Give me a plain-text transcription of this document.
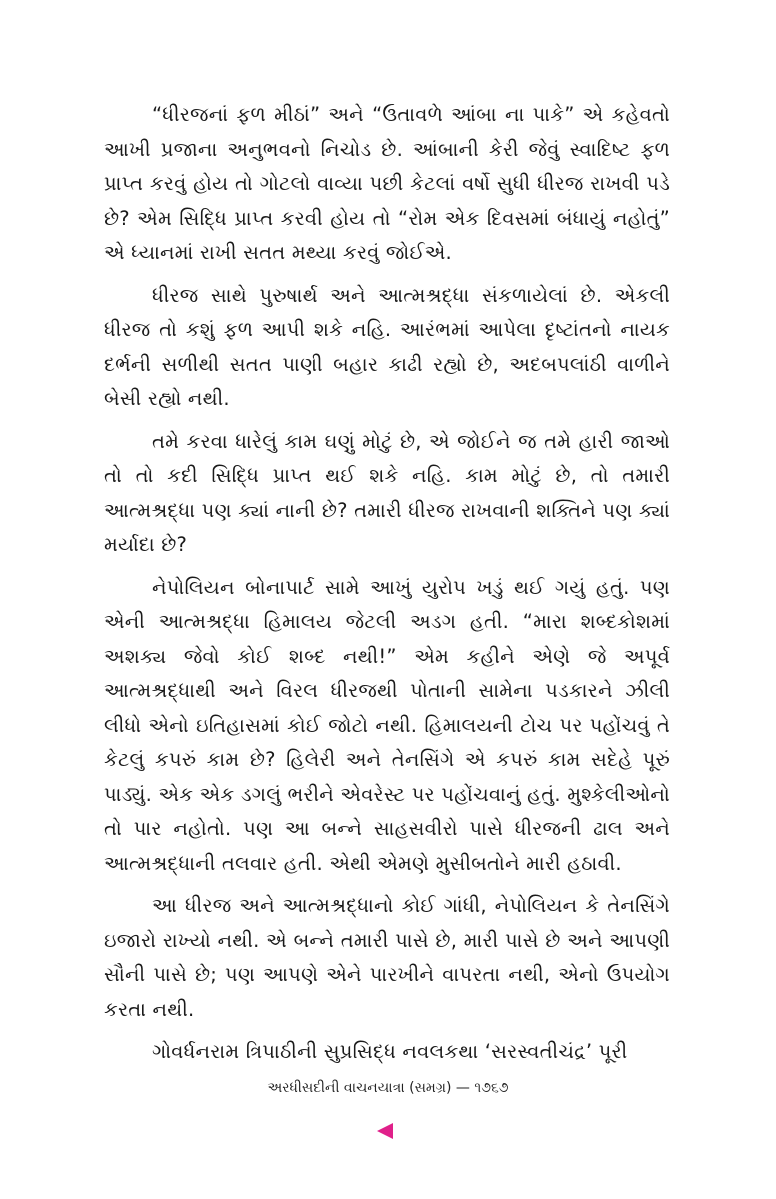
“ધીરજનાં ફળ મીઠાં” અને “ઉતાવળે આંબા ના પાકે” એ કહેવતો આખી પ્રજાના અનુભવનો નિચોડ છે. આંબાની કેરી જેવું સ્વાદિષ્ટ ફળ પ્રાપ્ત કરવું હોય તો ગોટલો વાવ્યા પછી કેટલાં વર્ષો સુધી ધીરજ રાખવી પડે છે? એમ સિદ્ધિ પ્રાપ્ત કરવી હોય તો “રોમ એક દિવસમાં બંધાયું નહોતું” એ ધ્યાનમાં રાખી સતત મથ્યા કરવું જોઈએ.

ધીરજ સાથે પુરુષાર્થ અને આત્મશ્રદ્ધા સંકળાયેલાં છે. એકલી ધીરજ તો કશું ફળ આપી શકે નહિ. આરંભમાં આપેલા દૃષ્ટાંતનો નાયક દર્ભની સળીથી સતત પાણી બહાર કાઢી રહ્યો છે, અદબપલાંઠી વાળીને બેસી રહ્યો નથી.

તમે કરવા ધારેલું કામ ઘણું મોટું છે, એ જોઈને જ તમે હારી જાઓ તો તો કદી સિદ્ધિ પ્રાપ્ત થઈ શકે નહિ. કામ મોટું છે, તો તમારી આત્મશ્રદ્ધા પણ ક્યાં નાની છે? તમારી ધીરજ રાખવાની શક્તિને પણ ક્યાં મર્યાદા છે?

નેપોલિયન બોનાપાર્ટ સામે આખું યુરોપ ખડું થઈ ગયું હતું. પણ એની આત્મશ્રદ્ધા હિમાલય જેટલી અડગ હતી. “મારા શબ્દકોશમાં અશક્ય જેવો કોઈ શબ્દ નથી!” એમ કહીને એણે જે અપૂર્વ આત્મશ્રદ્ધાથી અને વિરલ ધીરજથી પોતાની સામેના પડકારને ઝીલી લીધો એનો ઇતિહાસમાં કોઈ જોટો નથી. હિમાલયની ટોચ પર પહોંચવું તે કેટલું કપરું કામ છે? હિલેરી અને તેનસિંગે એ કપરું કામ સદેહે પૂરું પાડ્યું. એક એક ડગલું ભરીને એવરેસ્ટ પર પહોંચવાનું હતું. મુશ્કેલીઓનો તો પાર નહોતો. પણ આ બન્ને સાહસવીરો પાસે ધીરજની ઢાલ અને આત્મશ્રદ્ધાની તલવાર હતી. એથી એમણે મુસીબતોને મારી હઠાવી.

આ ધીરજ અને આત્મશ્રદ્ધાનો કોઈ ગાંધી, નેપોલિયન કે તેનસિંગે ઇજારો રાખ્યો નથી. એ બન્ને તમારી પાસે છે, મારી પાસે છે અને આપણી સૌની પાસે છે; પણ આપણે એને પારખીને વાપરતા નથી, એનો ઉપયોગ કરતા નથી.

ગોવર્ધનરામ ત્રિપાઠીની સુપ્રસિદ્ધ નવલકથા ‘સરસ્વતીચંદ્ર’ પૂરી

અરધીસદીની વાચનયાત્રા (સમગ્ર) — ૧૭૬૭
